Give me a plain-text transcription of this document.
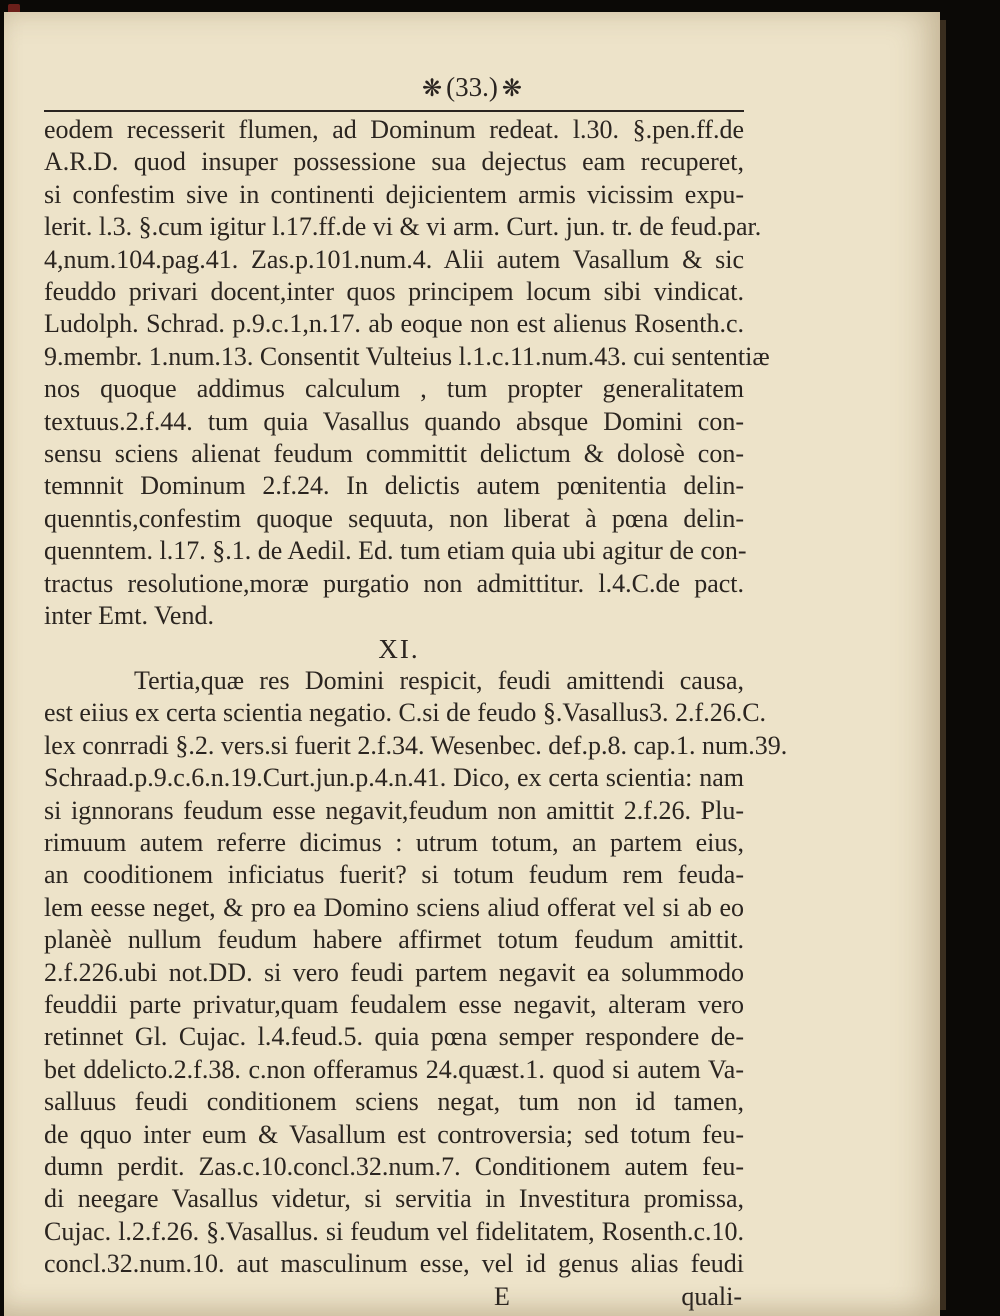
❋ (33.) ❋
eodem recesserit flumen, ad Dominum redeat. l.30. §.pen.ff.de
A.R.D. quod insuper possessione sua dejectus eam recuperet,
si confestim sive in continenti dejicientem armis vicissim expu-
lerit. l.3. §.cum igitur l.17.ff.de vi & vi arm. Curt. jun. tr. de feud.par.
4,num.104.pag.41. Zas.p.101.num.4. Alii autem Vasallum & sic
feuddo privari docent,inter quos principem locum sibi vindicat.
Ludolph. Schrad. p.9.c.1,n.17. ab eoque non est alienus Rosenth.c.
9.membr. 1.num.13. Consentit Vulteius l.1.c.11.num.43. cui sententiæ
nos quoque addimus calculum , tum propter generalitatem
textuus.2.f.44. tum quia Vasallus quando absque Domini con-
sensu sciens alienat feudum committit delictum & dolosè con-
temnnit Dominum 2.f.24. In delictis autem pœnitentia delin-
quenntis,confestim quoque sequuta, non liberat à pœna delin-
quenntem. l.17. §.1. de Aedil. Ed. tum etiam quia ubi agitur de con-
tractus resolutione,moræ purgatio non admittitur. l.4.C.de pact.
inter Emt. Vend.
XI.
Tertia,quæ res Domini respicit, feudi amittendi causa,
est eiius ex certa scientia negatio. C.si de feudo §.Vasallus3. 2.f.26.C.
lex conrradi §.2. vers.si fuerit 2.f.34. Wesenbec. def.p.8. cap.1. num.39.
Schraad.p.9.c.6.n.19.Curt.jun.p.4.n.41. Dico, ex certa scientia: nam
si ignnorans feudum esse negavit,feudum non amittit 2.f.26. Plu-
rimuum autem referre dicimus : utrum totum, an partem eius,
an cooditionem inficiatus fuerit? si totum feudum rem feuda-
lem eesse neget, & pro ea Domino sciens aliud offerat vel si ab eo
planèè nullum feudum habere affirmet totum feudum amittit.
2.f.226.ubi not.DD. si vero feudi partem negavit ea solummodo
feuddii parte privatur,quam feudalem esse negavit, alteram vero
retinnet Gl. Cujac. l.4.feud.5. quia pœna semper respondere de-
bet ddelicto.2.f.38. c.non offeramus 24.quæst.1. quod si autem Va-
salluus feudi conditionem sciens negat, tum non id tamen,
de qquo inter eum & Vasallum est controversia; sed totum feu-
dumn perdit. Zas.c.10.concl.32.num.7. Conditionem autem feu-
di neegare Vasallus videtur, si servitia in Investitura promissa,
Cujac. l.2.f.26. §.Vasallus. si feudum vel fidelitatem, Rosenth.c.10.
concl.32.num.10. aut masculinum esse, vel id genus alias feudi
E	quali-
